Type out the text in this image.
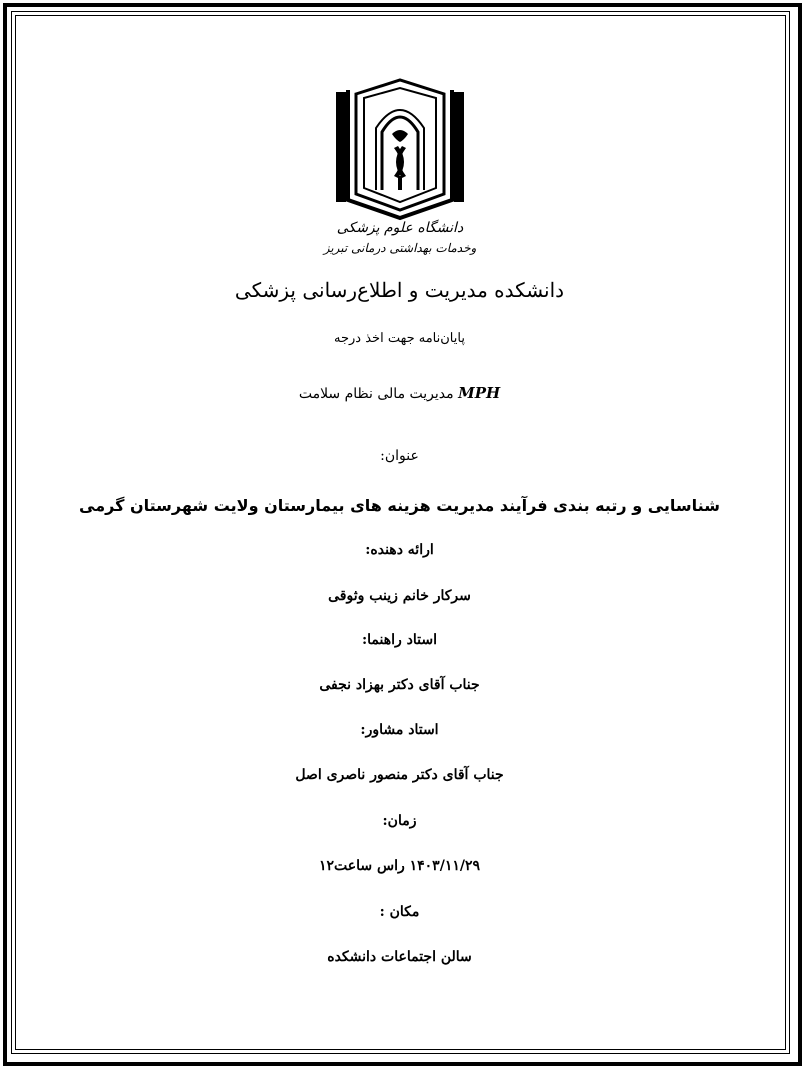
دانشگاه علوم پزشکی
وخدمات بهداشتی درمانی تبریز
دانشکده مدیریت و اطلاع‌رسانی پزشکی
پایان‌نامه جهت اخذ درجه
MPH مدیریت مالی نظام سلامت
عنوان:
شناسایی و رتبه بندی فرآیند مدیریت هزینه های بیمارستان ولایت شهرستان گرمی
ارائه دهنده:
سرکار خانم زینب وثوقی
استاد راهنما:
جناب آقای دکتر بهزاد نجفی
استاد مشاور:
جناب آقای دکتر منصور ناصری اصل
زمان:
۱۴۰۳/۱۱/۲۹ راس ساعت۱۲
مکان :
سالن اجتماعات دانشکده
